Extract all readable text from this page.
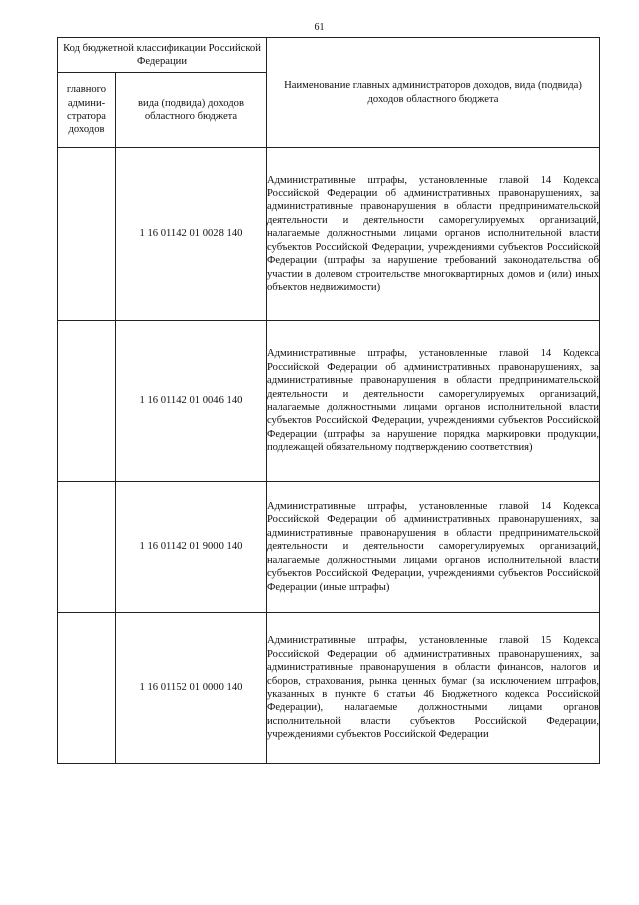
61
Код бюджетной классификации Российской Федерации		Наименование главных администраторов доходов, вида (подвида) доходов областного бюджета
главного админи-стратора доходов	вида (подвида) доходов областного бюджета	
	1 16 01142 01 0028 140	Административные штрафы, установленные главой 14 Кодекса Российской Федерации об административных правонарушениях, за административные правонарушения в области предпринимательской деятельности и деятельности саморегулируемых организаций, налагаемые должностными лицами органов исполнительной власти субъектов Российской Федерации, учреждениями субъектов Российской Федерации (штрафы за нарушение требований законодательства об участии в долевом строительстве многоквартирных домов и (или) иных объектов недвижимости)
	1 16 01142 01 0046 140	Административные штрафы, установленные главой 14 Кодекса Российской Федерации об административных правонарушениях, за административные правонарушения в области предпринимательской деятельности и деятельности саморегулируемых организаций, налагаемые должностными лицами органов исполнительной власти субъектов Российской Федерации, учреждениями субъектов Российской Федерации (штрафы за нарушение порядка маркировки продукции, подлежащей обязательному подтверждению соответствия)
	1 16 01142 01 9000 140	Административные штрафы, установленные главой 14 Кодекса Российской Федерации об административных правонарушениях, за административные правонарушения в области предпринимательской деятельности и деятельности саморегулируемых организаций, налагаемые должностными лицами органов исполнительной власти субъектов Российской Федерации, учреждениями субъектов Российской Федерации (иные штрафы)
	1 16 01152 01 0000 140	Административные штрафы, установленные главой 15 Кодекса Российской Федерации об административных правонарушениях, за административные правонарушения в области финансов, налогов и сборов, страхования, рынка ценных бумаг (за исключением штрафов, указанных в пункте 6 статьи 46 Бюджетного кодекса Российской Федерации), налагаемые должностными лицами органов исполнительной власти субъектов Российской Федерации, учреждениями субъектов Российской Федерации
